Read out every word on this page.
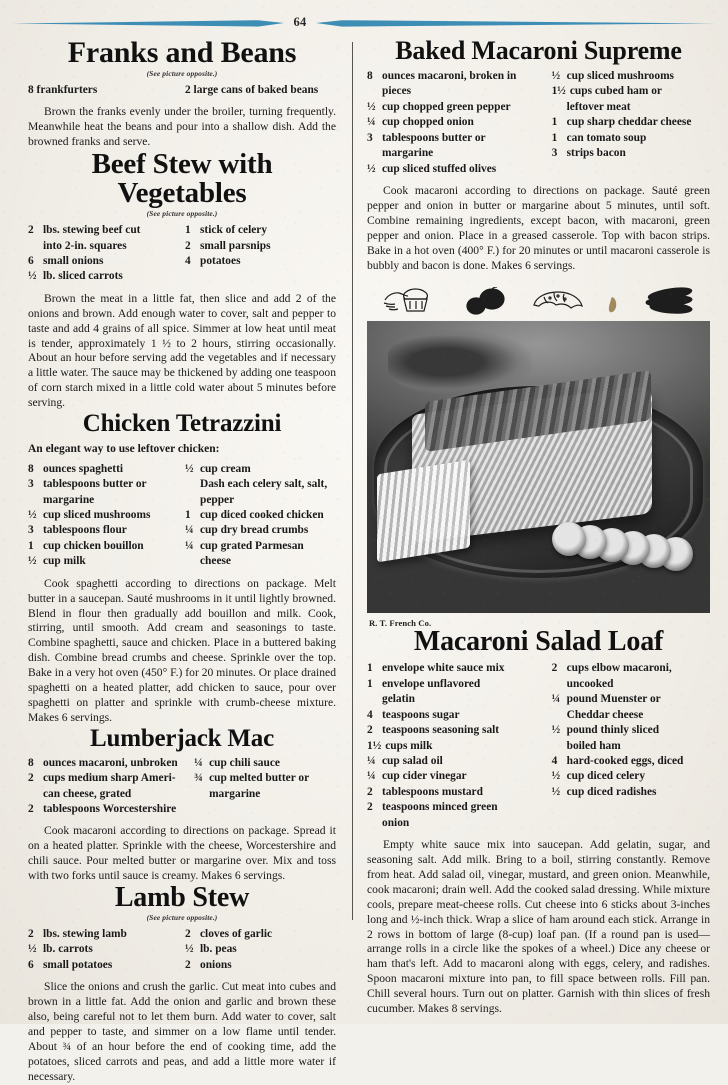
64
Franks and Beans
(See picture opposite.)
8 frankfurters	2 large cans of baked beans

Brown the franks evenly under the broiler, turning frequently. Meanwhile heat the beans and pour into a shallow dish. Add the browned franks and serve.

Beef Stew with Vegetables
(See picture opposite.)
2 lbs. stewing beef cut
into 2-in. squares
6 small onions
½ lb. sliced carrots
1 stick of celery
2 small parsnips
4 potatoes

Brown the meat in a little fat, then slice and add 2 of the onions and brown. Add enough water to cover, salt and pepper to taste and add 4 grains of all spice. Simmer at low heat until meat is tender, approximately 1 ½ to 2 hours, stirring occasionally. About an hour before serving add the vegetables and if necessary a little water. The sauce may be thickened by adding one teaspoon of corn starch mixed in a little cold water about 5 minutes before serving.

Chicken Tetrazzini

An elegant way to use leftover chicken:

8 ounces spaghetti
3 tablespoons butter or
margarine
½ cup sliced mushrooms
3 tablespoons flour
1 cup chicken bouillon
½ cup milk
½ cup cream
Dash each celery salt, salt,
pepper
1 cup diced cooked chicken
¼ cup dry bread crumbs
¼ cup grated Parmesan
cheese

Cook spaghetti according to directions on package. Melt butter in a saucepan. Sauté mushrooms in it until lightly browned. Blend in flour then gradually add bouillon and milk. Cook, stirring, until smooth. Add cream and seasonings to taste. Combine spaghetti, sauce and chicken. Place in a buttered baking dish. Combine bread crumbs and cheese. Sprinkle over the top. Bake in a very hot oven (450° F.) for 20 minutes. Or place drained spaghetti on a heated platter, add chicken to sauce, pour over spaghetti on platter and sprinkle with crumb-cheese mixture. Makes 6 servings.

Lumberjack Mac
8 ounces macaroni, unbroken
2 cups medium sharp Ameri-
can cheese, grated
2 tablespoons Worcestershire
¼ cup chili sauce
¾ cup melted butter or
margarine

Cook macaroni according to directions on package. Spread it on a heated platter. Sprinkle with the cheese, Worcestershire and chili sauce. Pour melted butter or margarine over. Mix and toss with two forks until sauce is creamy. Makes 6 servings.

Lamb Stew
(See picture opposite.)
2 lbs. stewing lamb
½ lb. carrots
6 small potatoes
2 cloves of garlic
½ lb. peas
2 onions

Slice the onions and crush the garlic. Cut meat into cubes and brown in a little fat. Add the onion and garlic and brown these also, being careful not to let them burn. Add water to cover, salt and pepper to taste, and simmer on a low flame until tender. About ¾ of an hour before the end of cooking time, add the potatoes, sliced carrots and peas, and add a little more water if necessary.

Baked Macaroni Supreme
8 ounces macaroni, broken in
pieces
½ cup chopped green pepper
¼ cup chopped onion
3 tablespoons butter or
margarine
½ cup sliced stuffed olives
½ cup sliced mushrooms
1½ cups cubed ham or
leftover meat
1 cup sharp cheddar cheese
1 can tomato soup
3 strips bacon

Cook macaroni according to directions on package. Sauté green pepper and onion in butter or margarine about 5 minutes, until soft. Combine remaining ingredients, except bacon, with macaroni, green pepper and onion. Place in a greased casserole. Top with bacon strips. Bake in a hot oven (400° F.) for 20 minutes or until macaroni casserole is bubbly and bacon is done. Makes 6 servings.

R. T. French Co.
Macaroni Salad Loaf
1 envelope white sauce mix
1 envelope unflavored
gelatin
4 teaspoons sugar
2 teaspoons seasoning salt
1½ cups milk
¼ cup salad oil
¼ cup cider vinegar
2 tablespoons mustard
2 teaspoons minced green
onion
2 cups elbow macaroni,
uncooked
¼ pound Muenster or
Cheddar cheese
½ pound thinly sliced
boiled ham
4 hard-cooked eggs, diced
½ cup diced celery
½ cup diced radishes

Empty white sauce mix into saucepan. Add gelatin, sugar, and seasoning salt. Add milk. Bring to a boil, stirring constantly. Remove from heat. Add salad oil, vinegar, mustard, and green onion. Meanwhile, cook macaroni; drain well. Add the cooked salad dressing. While mixture cools, prepare meat-cheese rolls. Cut cheese into 6 sticks about 3-inches long and ½-inch thick. Wrap a slice of ham around each stick. Arrange in 2 rows in bottom of large (8-cup) loaf pan. (If a round pan is used—arrange rolls in a circle like the spokes of a wheel.) Dice any cheese or ham that's left. Add to macaroni along with eggs, celery, and radishes. Spoon macaroni mixture into pan, to fill space between rolls. Fill pan. Chill several hours. Turn out on platter. Garnish with thin slices of fresh cucumber. Makes 8 servings.
